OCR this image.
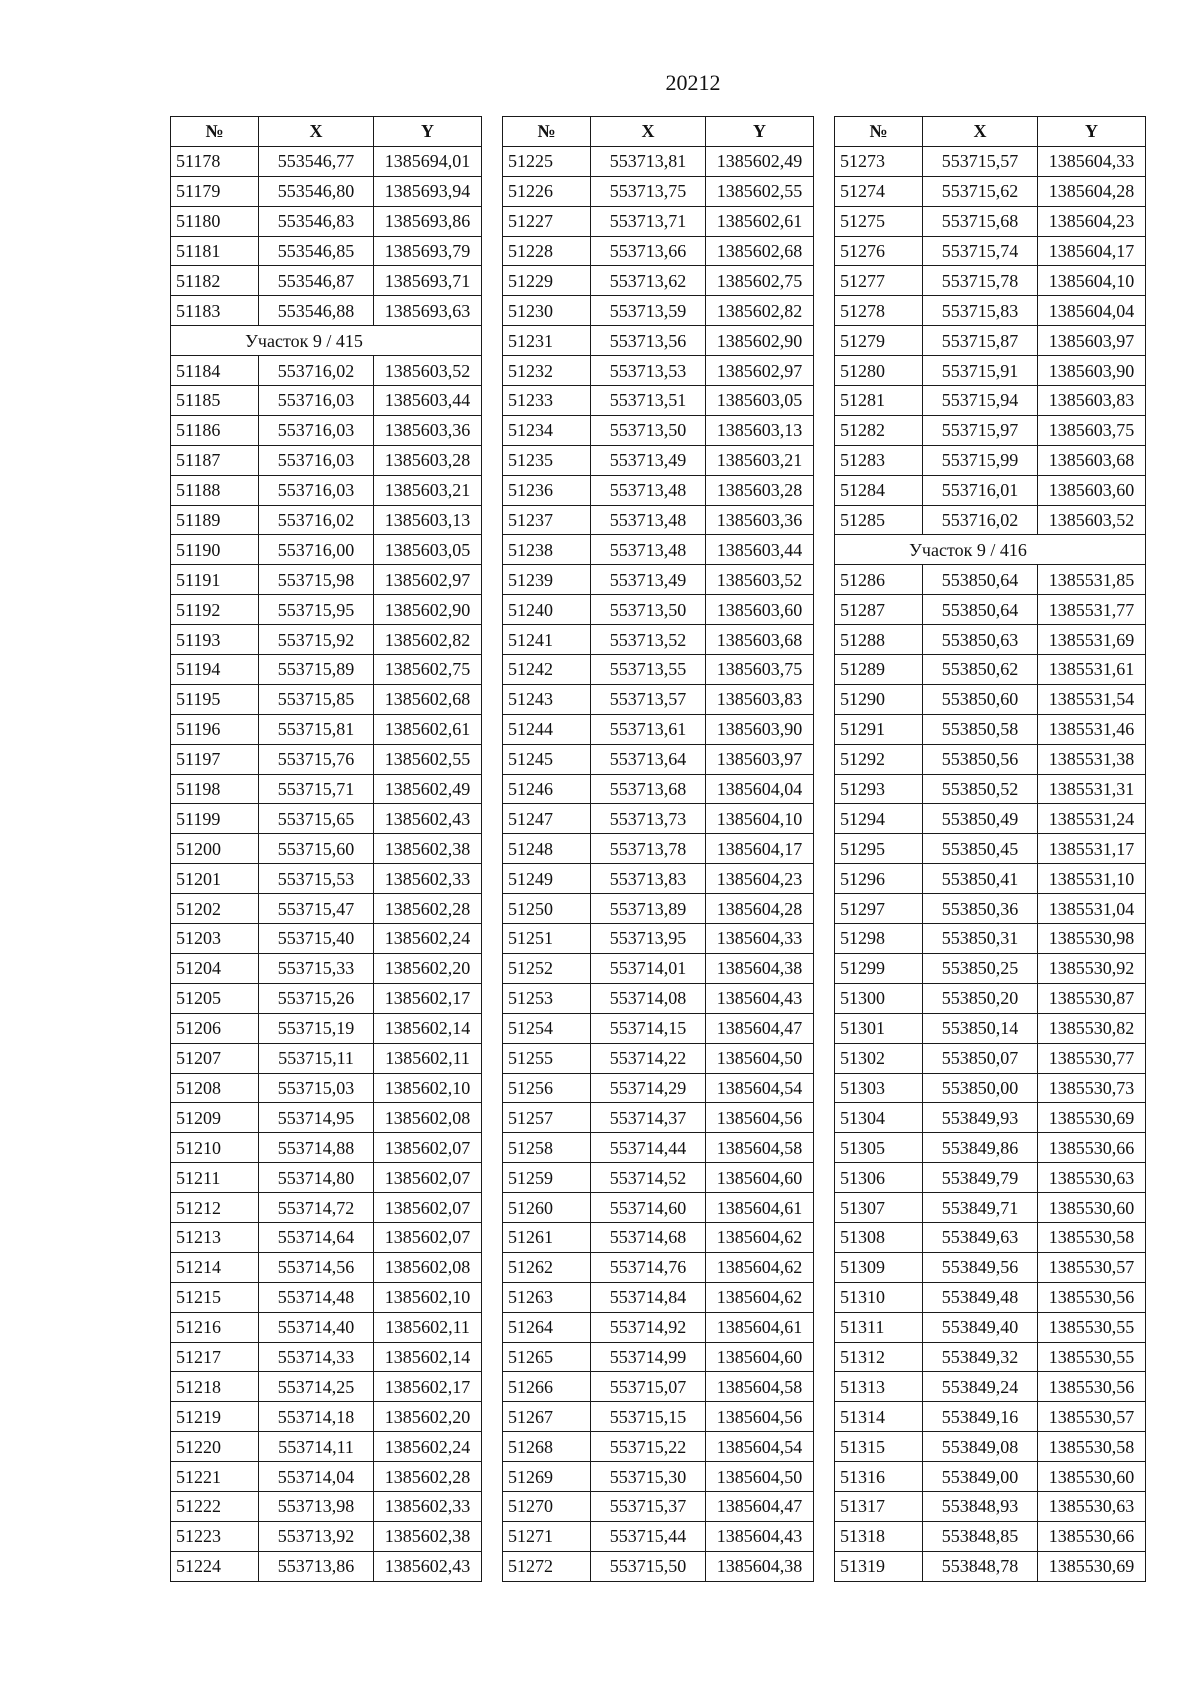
20212
№	X	Y
51178	553546,77	1385694,01
51179	553546,80	1385693,94
51180	553546,83	1385693,86
51181	553546,85	1385693,79
51182	553546,87	1385693,71
51183	553546,88	1385693,63
Участок 9 / 415		
51184	553716,02	1385603,52
51185	553716,03	1385603,44
51186	553716,03	1385603,36
51187	553716,03	1385603,28
51188	553716,03	1385603,21
51189	553716,02	1385603,13
51190	553716,00	1385603,05
51191	553715,98	1385602,97
51192	553715,95	1385602,90
51193	553715,92	1385602,82
51194	553715,89	1385602,75
51195	553715,85	1385602,68
51196	553715,81	1385602,61
51197	553715,76	1385602,55
51198	553715,71	1385602,49
51199	553715,65	1385602,43
51200	553715,60	1385602,38
51201	553715,53	1385602,33
51202	553715,47	1385602,28
51203	553715,40	1385602,24
51204	553715,33	1385602,20
51205	553715,26	1385602,17
51206	553715,19	1385602,14
51207	553715,11	1385602,11
51208	553715,03	1385602,10
51209	553714,95	1385602,08
51210	553714,88	1385602,07
51211	553714,80	1385602,07
51212	553714,72	1385602,07
51213	553714,64	1385602,07
51214	553714,56	1385602,08
51215	553714,48	1385602,10
51216	553714,40	1385602,11
51217	553714,33	1385602,14
51218	553714,25	1385602,17
51219	553714,18	1385602,20
51220	553714,11	1385602,24
51221	553714,04	1385602,28
51222	553713,98	1385602,33
51223	553713,92	1385602,38
51224	553713,86	1385602,43
№	X	Y
51225	553713,81	1385602,49
51226	553713,75	1385602,55
51227	553713,71	1385602,61
51228	553713,66	1385602,68
51229	553713,62	1385602,75
51230	553713,59	1385602,82
51231	553713,56	1385602,90
51232	553713,53	1385602,97
51233	553713,51	1385603,05
51234	553713,50	1385603,13
51235	553713,49	1385603,21
51236	553713,48	1385603,28
51237	553713,48	1385603,36
51238	553713,48	1385603,44
51239	553713,49	1385603,52
51240	553713,50	1385603,60
51241	553713,52	1385603,68
51242	553713,55	1385603,75
51243	553713,57	1385603,83
51244	553713,61	1385603,90
51245	553713,64	1385603,97
51246	553713,68	1385604,04
51247	553713,73	1385604,10
51248	553713,78	1385604,17
51249	553713,83	1385604,23
51250	553713,89	1385604,28
51251	553713,95	1385604,33
51252	553714,01	1385604,38
51253	553714,08	1385604,43
51254	553714,15	1385604,47
51255	553714,22	1385604,50
51256	553714,29	1385604,54
51257	553714,37	1385604,56
51258	553714,44	1385604,58
51259	553714,52	1385604,60
51260	553714,60	1385604,61
51261	553714,68	1385604,62
51262	553714,76	1385604,62
51263	553714,84	1385604,62
51264	553714,92	1385604,61
51265	553714,99	1385604,60
51266	553715,07	1385604,58
51267	553715,15	1385604,56
51268	553715,22	1385604,54
51269	553715,30	1385604,50
51270	553715,37	1385604,47
51271	553715,44	1385604,43
51272	553715,50	1385604,38
№	X	Y
51273	553715,57	1385604,33
51274	553715,62	1385604,28
51275	553715,68	1385604,23
51276	553715,74	1385604,17
51277	553715,78	1385604,10
51278	553715,83	1385604,04
51279	553715,87	1385603,97
51280	553715,91	1385603,90
51281	553715,94	1385603,83
51282	553715,97	1385603,75
51283	553715,99	1385603,68
51284	553716,01	1385603,60
51285	553716,02	1385603,52
Участок 9 / 416		
51286	553850,64	1385531,85
51287	553850,64	1385531,77
51288	553850,63	1385531,69
51289	553850,62	1385531,61
51290	553850,60	1385531,54
51291	553850,58	1385531,46
51292	553850,56	1385531,38
51293	553850,52	1385531,31
51294	553850,49	1385531,24
51295	553850,45	1385531,17
51296	553850,41	1385531,10
51297	553850,36	1385531,04
51298	553850,31	1385530,98
51299	553850,25	1385530,92
51300	553850,20	1385530,87
51301	553850,14	1385530,82
51302	553850,07	1385530,77
51303	553850,00	1385530,73
51304	553849,93	1385530,69
51305	553849,86	1385530,66
51306	553849,79	1385530,63
51307	553849,71	1385530,60
51308	553849,63	1385530,58
51309	553849,56	1385530,57
51310	553849,48	1385530,56
51311	553849,40	1385530,55
51312	553849,32	1385530,55
51313	553849,24	1385530,56
51314	553849,16	1385530,57
51315	553849,08	1385530,58
51316	553849,00	1385530,60
51317	553848,93	1385530,63
51318	553848,85	1385530,66
51319	553848,78	1385530,69
